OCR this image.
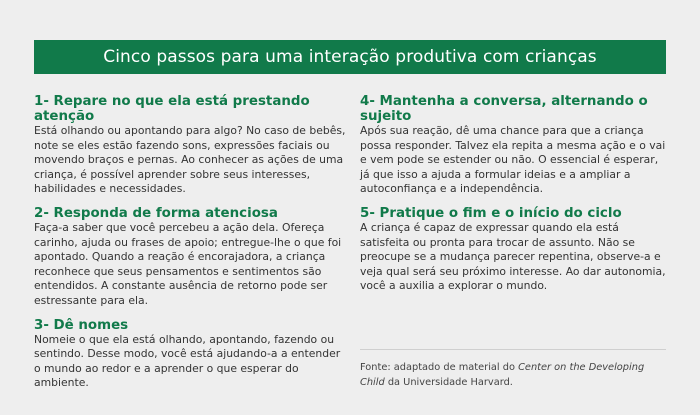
Cinco passos para uma interação produtiva com crianças
1- Repare no que ela está prestando atenção

Está olhando ou apontando para algo? No caso de bebês, note se eles estão fazendo sons, expressões faciais ou movendo braços e pernas. Ao conhecer as ações de uma criança, é possível aprender sobre seus interesses, habilidades e necessidades.

2- Responda de forma atenciosa

Faça-a saber que você percebeu a ação dela. Ofereça carinho, ajuda ou frases de apoio; entregue-lhe o que foi apontado. Quando a reação é encorajadora, a criança reconhece que seus pensamentos e sentimentos são entendidos. A constante ausência de retorno pode ser estressante para ela.

3- Dê nomes

Nomeie o que ela está olhando, apontando, fazendo ou sentindo. Desse modo, você está ajudando-a a entender o mundo ao redor e a aprender o que esperar do ambiente.

4- Mantenha a conversa, alternando o sujeito

Após sua reação, dê uma chance para que a criança possa responder. Talvez ela repita a mesma ação e o vai e vem pode se estender ou não. O essencial é esperar, já que isso a ajuda a formular ideias e a ampliar a autoconfiança e a independência.

5- Pratique o fim e o início do ciclo

A criança é capaz de expressar quando ela está satisfeita ou pronta para trocar de assunto. Não se preocupe se a mudança parecer repentina, observe-a e veja qual será seu próximo interesse. Ao dar autonomia, você a auxilia a explorar o mundo.

Fonte: adaptado de material do Center on the Developing Child da Universidade Harvard.
